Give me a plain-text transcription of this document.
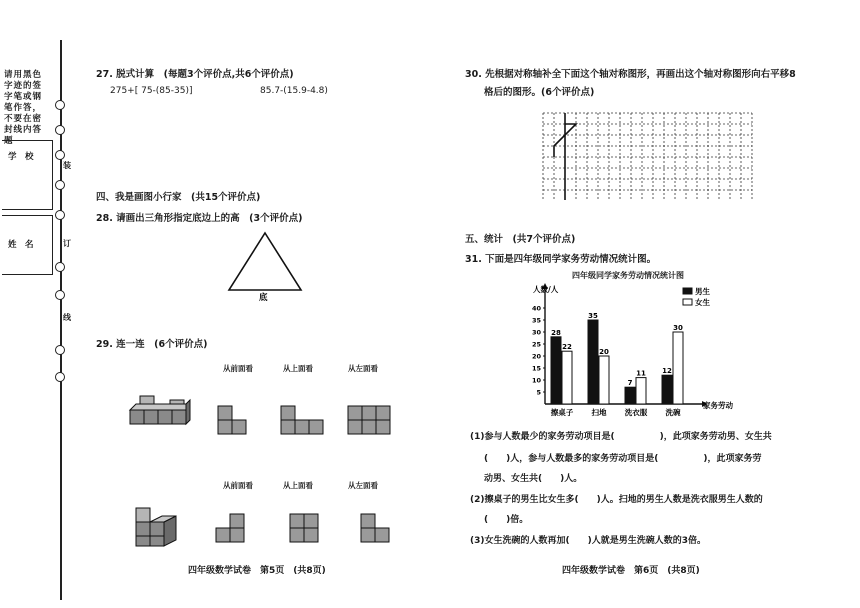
请用黑色
字迹的签
字笔或钢
笔作答，
不要在密
封线内答
题
学　校
姓　名
装
订
线
27. 脱式计算　(每题3个评价点,共6个评价点)
275+[ 75-(85-35)]	85.7-(15.9-4.8)
四、我是画图小行家　(共15个评价点)
28. 请画出三角形指定底边上的高　(3个评价点)
底
29. 连一连　(6个评价点)
从前面看	从上面看	从左面看
从前面看	从上面看	从左面看
四年级数学试卷　第5页　(共8页)
30. 先根据对称轴补全下面这个轴对称图形，再画出这个轴对称图形向右平移8
格后的图形。(6个评价点)
五、统计　(共7个评价点)
31. 下面是四年级同学家务劳动情况统计图。
四年级同学家务劳动情况统计图
人数/人
家务劳动
5
10
15
20
25
30
35
40
28
22
擦桌子
35
20
扫地
7
11
洗衣服
12
30
洗碗
男生
女生
(1)参与人数最少的家务劳动项目是(　　　　　)，此项家务劳动男、女生共
(　　)人，参与人数最多的家务劳动项目是(　　　　　)，此项家务劳
动男、女生共(　　)人。
(2)擦桌子的男生比女生多(　　)人。扫地的男生人数是洗衣服男生人数的
(　　)倍。
(3)女生洗碗的人数再加(　　)人就是男生洗碗人数的3倍。
四年级数学试卷　第6页　(共8页)
